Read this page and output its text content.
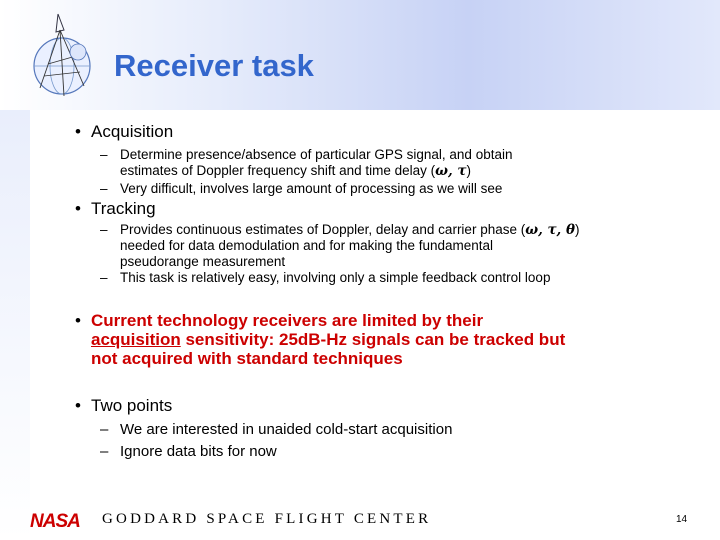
Receiver task
• Acquisition
– Determine presence/absence of particular GPS signal, and obtain
estimates of Doppler frequency shift and time delay (ω, τ)
– Very difficult, involves large amount of processing as we will see
• Tracking
– Provides continuous estimates of Doppler, delay and carrier phase (ω, τ, θ)
needed for data demodulation and for making the fundamental
pseudorange measurement
– This task is relatively easy, involving only a simple feedback control loop
• Current technology receivers are limited by their
acquisition sensitivity: 25dB-Hz signals can be tracked but
not acquired with standard techniques
• Two points
– We are interested in unaided cold-start acquisition
– Ignore data bits for now
NASA GODDARD SPACE FLIGHT CENTER	14
